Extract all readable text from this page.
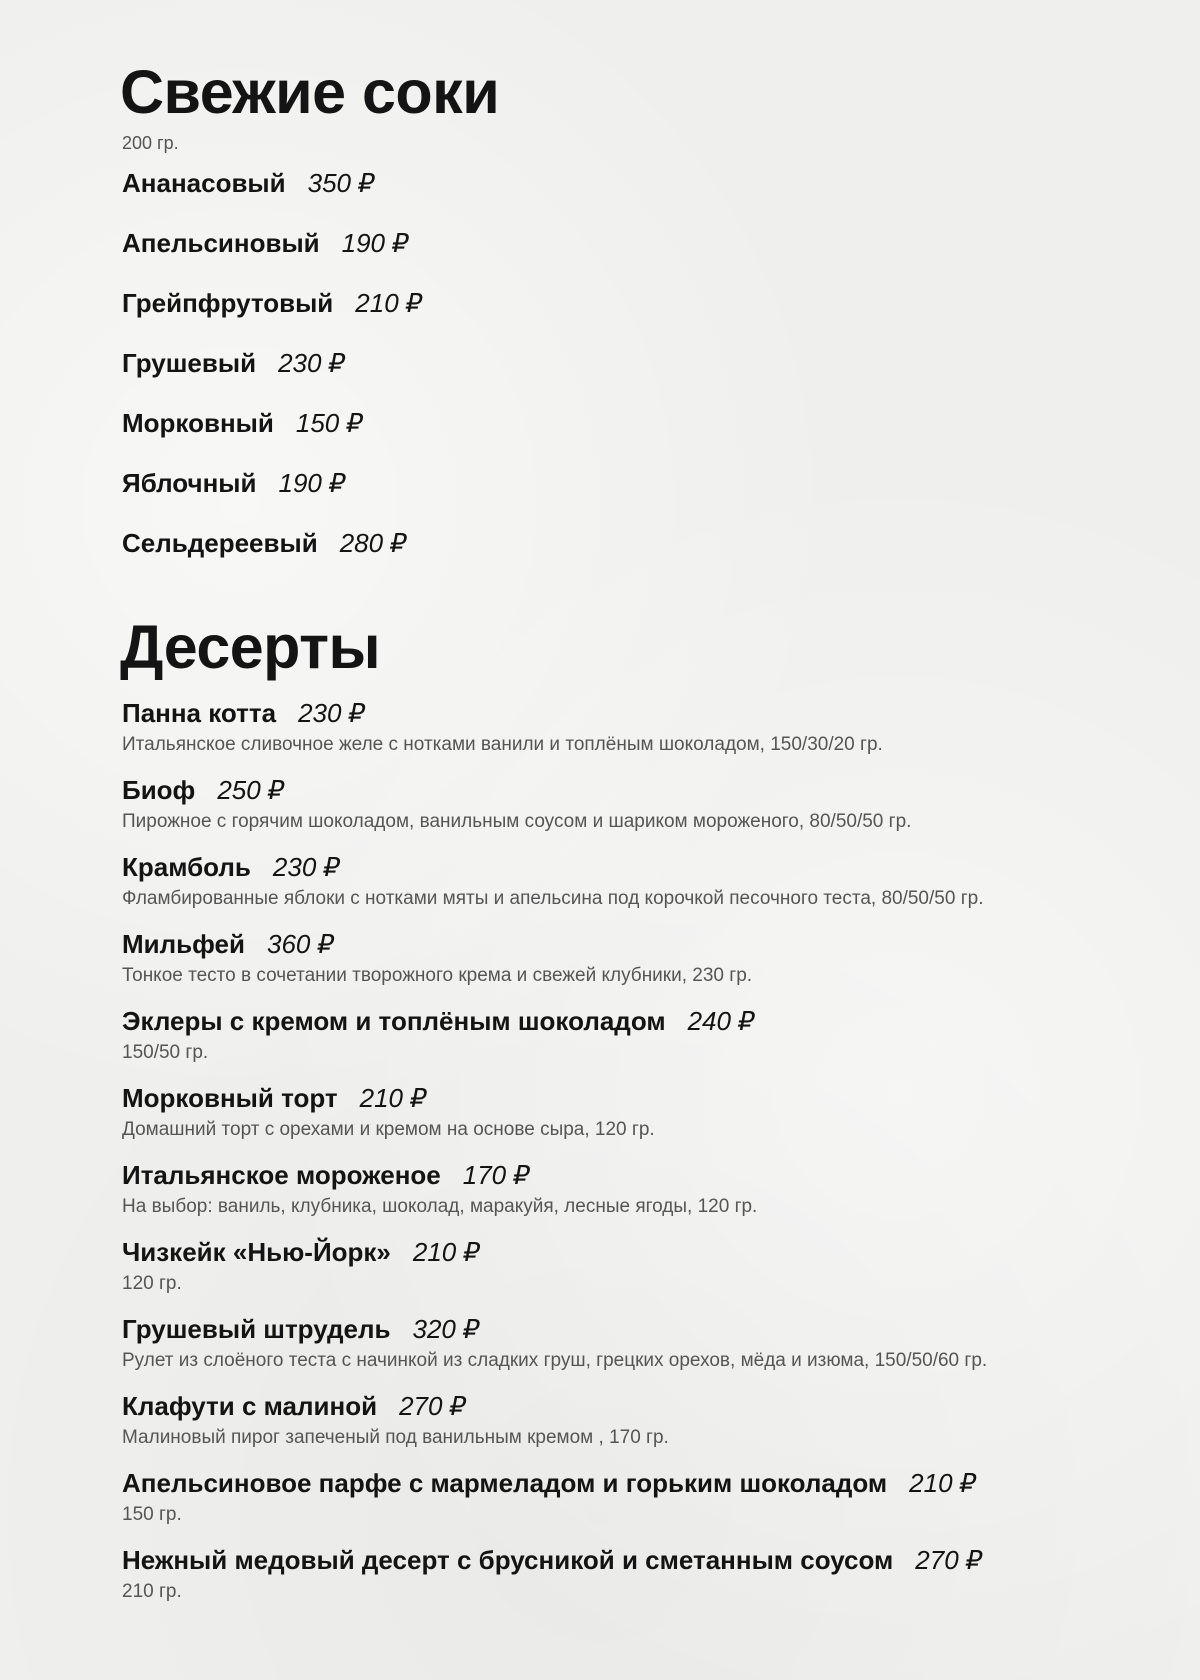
Свежие соки
200 гр.
Ананасовый 350 ₽
Апельсиновый 190 ₽
Грейпфрутовый 210 ₽
Грушевый 230 ₽
Морковный 150 ₽
Яблочный 190 ₽
Сельдереевый 280 ₽
Десерты
Панна котта 230 ₽
Итальянское сливочное желе с нотками ванили и топлёным шоколадом, 150/30/20 гр.
Биоф 250 ₽
Пирожное с горячим шоколадом, ванильным соусом и шариком мороженого, 80/50/50 гр.
Крамболь 230 ₽
Фламбированные яблоки с нотками мяты и апельсина под корочкой песочного теста, 80/50/50 гр.
Мильфей 360 ₽
Тонкое тесто в сочетании творожного крема и свежей клубники, 230 гр.
Эклеры с кремом и топлёным шоколадом 240 ₽
150/50 гр.
Морковный торт 210 ₽
Домашний торт с орехами и кремом на основе сыра, 120 гр.
Итальянское мороженое 170 ₽
На выбор: ваниль, клубника, шоколад, маракуйя, лесные ягоды, 120 гр.
Чизкейк «Нью-Йорк» 210 ₽
120 гр.
Грушевый штрудель 320 ₽
Рулет из слоёного теста с начинкой из сладких груш, грецких орехов, мёда и изюма, 150/50/60 гр.
Клафути с малиной 270 ₽
Малиновый пирог запеченый под ванильным кремом , 170 гр.
Апельсиновое парфе с мармеладом и горьким шоколадом 210 ₽
150 гр.
Нежный медовый десерт с брусникой и сметанным соусом 270 ₽
210 гр.
